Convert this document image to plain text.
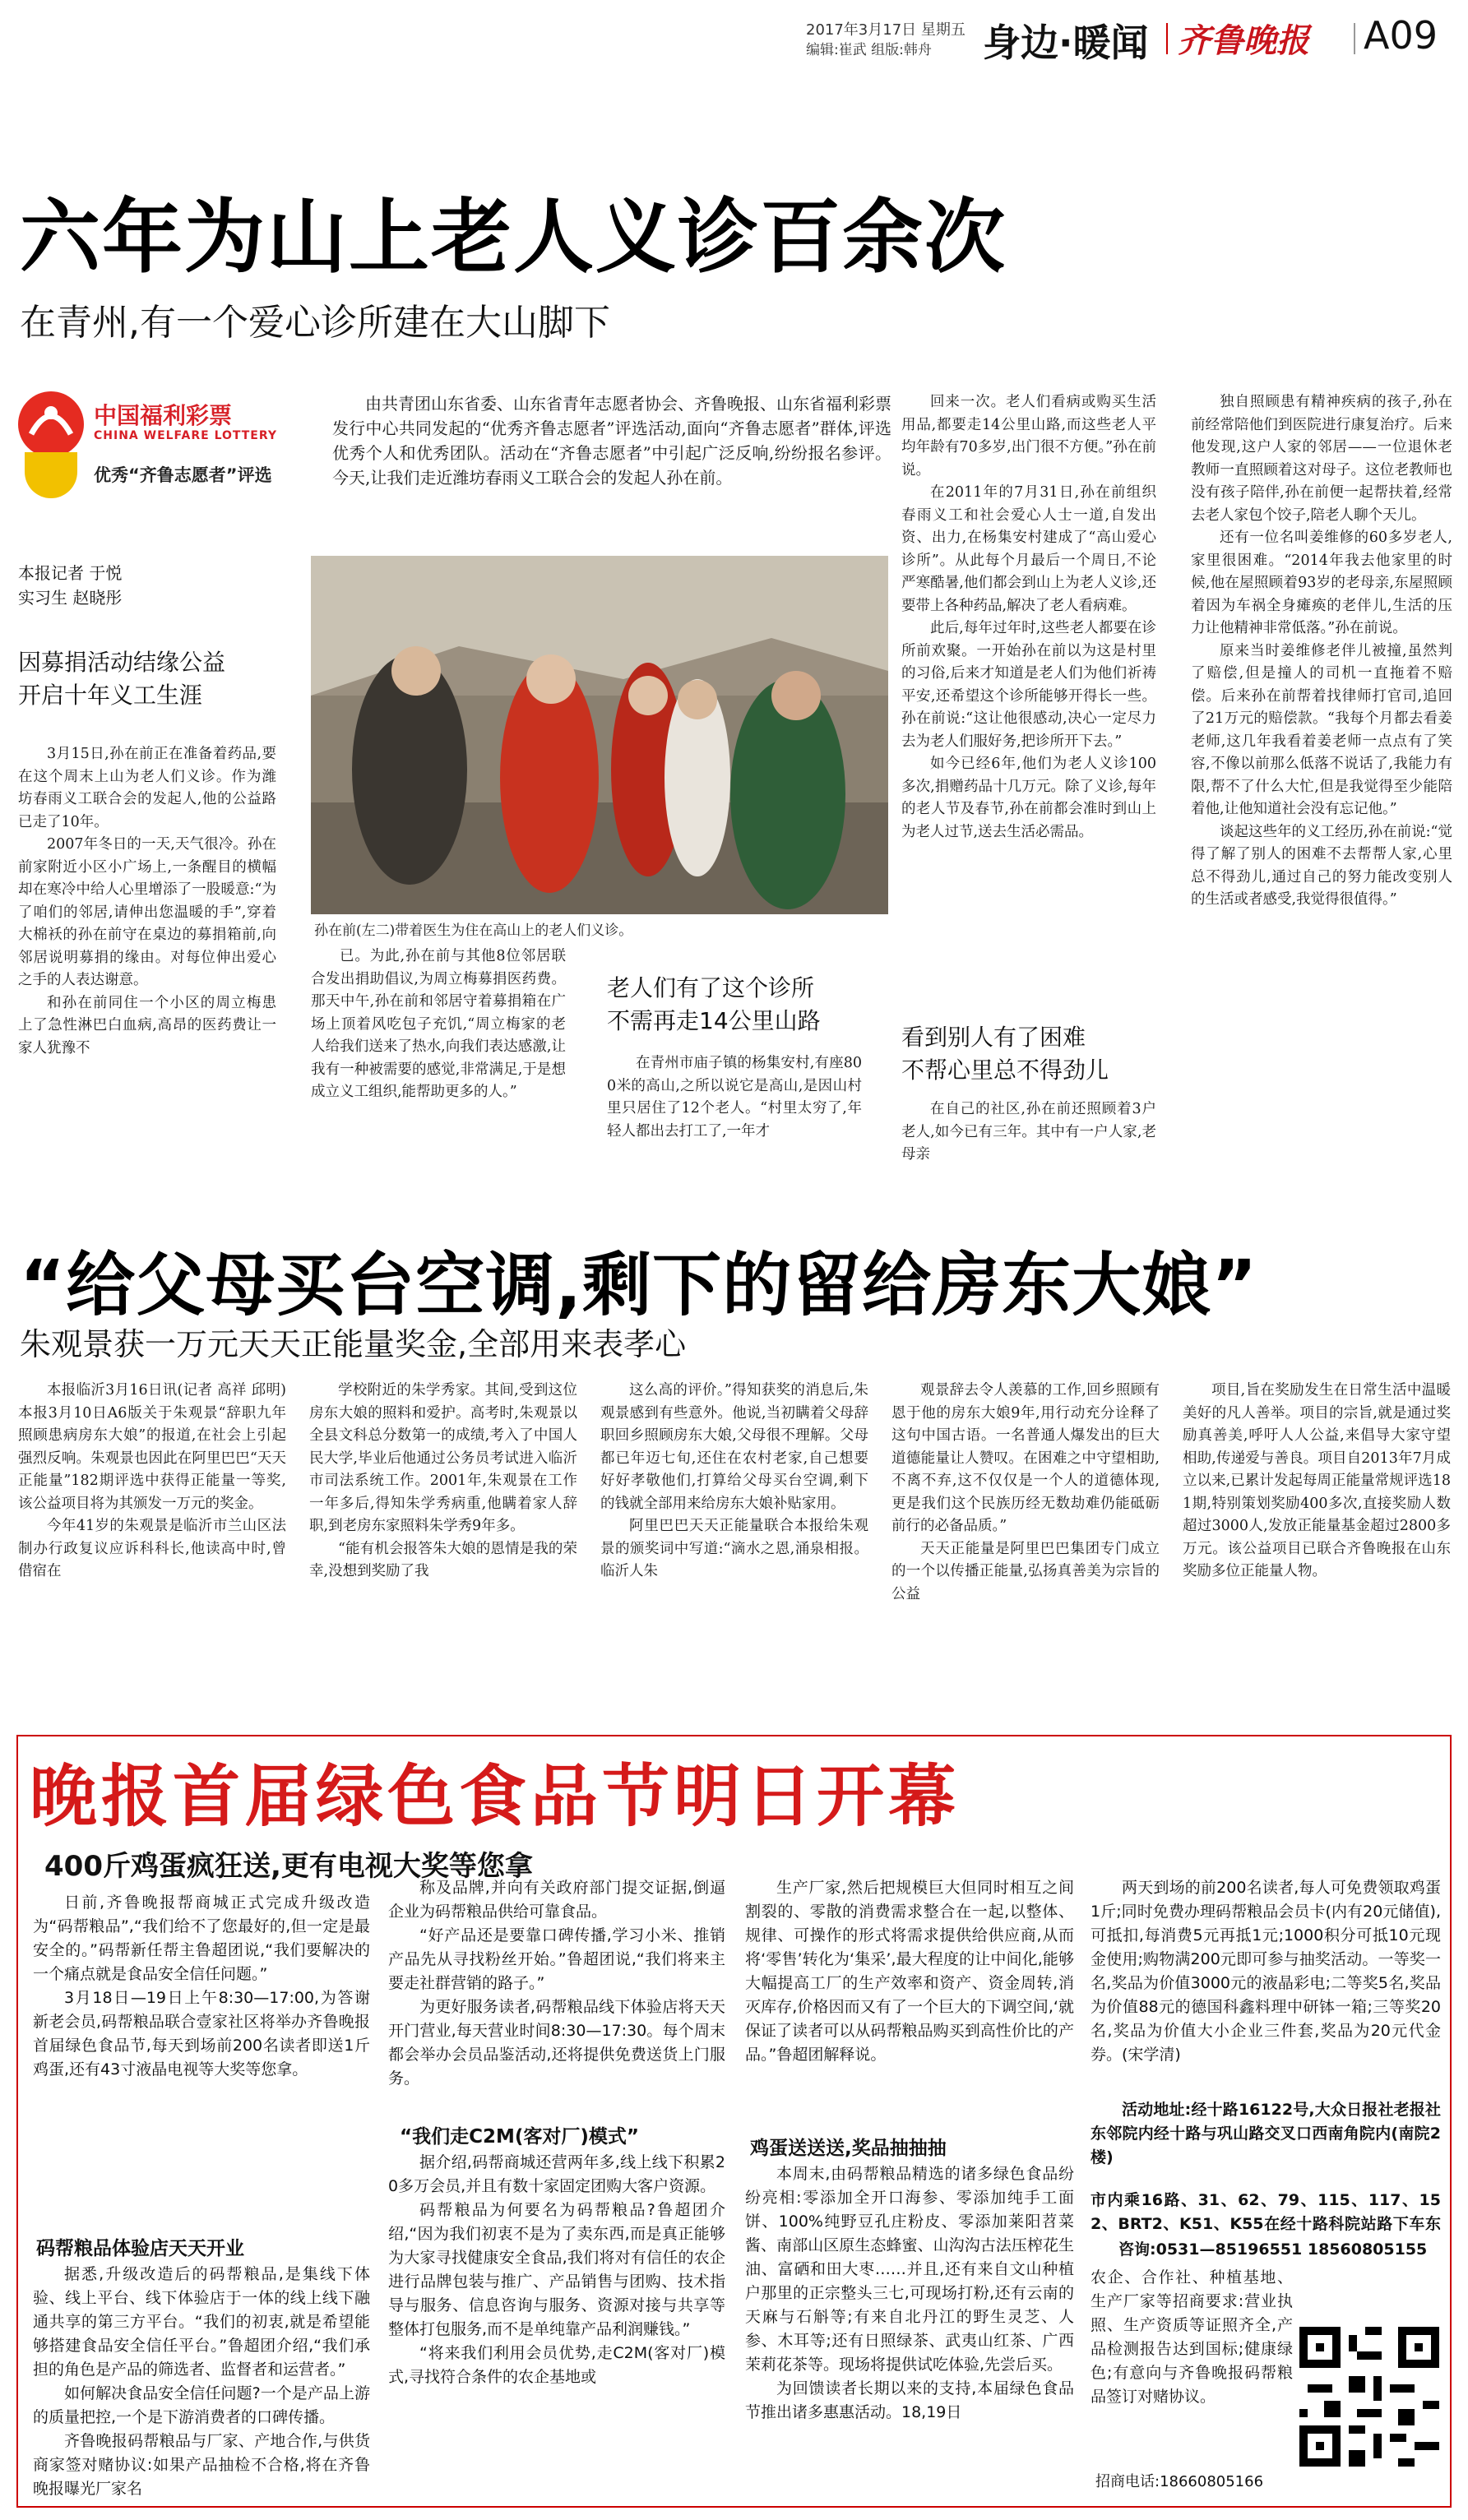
2017年3月17日 星期五
编辑:崔武 组版:韩舟 身边·暖闻 齐鲁晚报 A09
六年为山上老人义诊百余次
在青州,有一个爱心诊所建在大山脚下
中国福利彩票
CHINA WELFARE LOTTERY
优秀“齐鲁志愿者”评选

由共青团山东省委、山东省青年志愿者协会、齐鲁晚报、山东省福利彩票发行中心共同发起的“优秀齐鲁志愿者”评选活动,面向“齐鲁志愿者”群体,评选优秀个人和优秀团队。活动在“齐鲁志愿者”中引起广泛反响,纷纷报名参评。今天,让我们走近潍坊春雨义工联合会的发起人孙在前。

本报记者 于悦
实习生 赵晓彤
因募捐活动结缘公益
开启十年义工生涯

3月15日,孙在前正在准备着药品,要在这个周末上山为老人们义诊。作为潍坊春雨义工联合会的发起人,他的公益路已走了10年。

2007年冬日的一天,天气很冷。孙在前家附近小区小广场上,一条醒目的横幅却在寒冷中给人心里增添了一股暖意:“为了咱们的邻居,请伸出您温暖的手”,穿着大棉袄的孙在前守在桌边的募捐箱前,向邻居说明募捐的缘由。对每位伸出爱心之手的人表达谢意。

和孙在前同住一个小区的周立梅患上了急性淋巴白血病,高昂的医药费让一家人犹豫不

孙在前(左二)带着医生为住在高山上的老人们义诊。

已。为此,孙在前与其他8位邻居联合发出捐助倡议,为周立梅募捐医药费。那天中午,孙在前和邻居守着募捐箱在广场上顶着风吃包子充饥,“周立梅家的老人给我们送来了热水,向我们表达感激,让我有一种被需要的感觉,非常满足,于是想成立义工组织,能帮助更多的人。”

老人们有了这个诊所
不需再走14公里山路

在青州市庙子镇的杨集安村,有座800米的高山,之所以说它是高山,是因山村里只居住了12个老人。“村里太穷了,年轻人都出去打工了,一年才

回来一次。老人们看病或购买生活用品,都要走14公里山路,而这些老人平均年龄有70多岁,出门很不方便。”孙在前说。

在2011年的7月31日,孙在前组织春雨义工和社会爱心人士一道,自发出资、出力,在杨集安村建成了“高山爱心诊所”。从此每个月最后一个周日,不论严寒酷暑,他们都会到山上为老人义诊,还要带上各种药品,解决了老人看病难。

此后,每年过年时,这些老人都要在诊所前欢聚。一开始孙在前以为这是村里的习俗,后来才知道是老人们为他们祈祷平安,还希望这个诊所能够开得长一些。孙在前说:“这让他很感动,决心一定尽力去为老人们服好务,把诊所开下去。”

如今已经6年,他们为老人义诊100多次,捐赠药品十几万元。除了义诊,每年的老人节及春节,孙在前都会准时到山上为老人过节,送去生活必需品。

看到别人有了困难
不帮心里总不得劲儿

在自己的社区,孙在前还照顾着3户老人,如今已有三年。其中有一户人家,老母亲

独自照顾患有精神疾病的孩子,孙在前经常陪他们到医院进行康复治疗。后来他发现,这户人家的邻居——一位退休老教师一直照顾着这对母子。这位老教师也没有孩子陪伴,孙在前便一起帮扶着,经常去老人家包个饺子,陪老人聊个天儿。

还有一位名叫姜维修的60多岁老人,家里很困难。“2014年我去他家里的时候,他在屋照顾着93岁的老母亲,东屋照顾着因为车祸全身瘫痪的老伴儿,生活的压力让他精神非常低落。”孙在前说。

原来当时姜维修老伴儿被撞,虽然判了赔偿,但是撞人的司机一直拖着不赔偿。后来孙在前帮着找律师打官司,追回了21万元的赔偿款。“我每个月都去看姜老师,这几年我看着姜老师一点点有了笑容,不像以前那么低落不说话了,我能力有限,帮不了什么大忙,但是我觉得至少能陪着他,让他知道社会没有忘记他。”

谈起这些年的义工经历,孙在前说:“觉得了解了别人的困难不去帮帮人家,心里总不得劲儿,通过自己的努力能改变别人的生活或者感受,我觉得很值得。”

“给父母买台空调,剩下的留给房东大娘”
朱观景获一万元天天正能量奖金,全部用来表孝心

本报临沂3月16日讯(记者 高祥 邱明) 本报3月10日A6版关于朱观景“辞职九年照顾患病房东大娘”的报道,在社会上引起强烈反响。朱观景也因此在阿里巴巴“天天正能量”182期评选中获得正能量一等奖,该公益项目将为其颁发一万元的奖金。

今年41岁的朱观景是临沂市兰山区法制办行政复议应诉科科长,他读高中时,曾借宿在

学校附近的朱学秀家。其间,受到这位房东大娘的照料和爱护。高考时,朱观景以全县文科总分数第一的成绩,考入了中国人民大学,毕业后他通过公务员考试进入临沂市司法系统工作。2001年,朱观景在工作一年多后,得知朱学秀病重,他瞒着家人辞职,到老房东家照料朱学秀9年多。

“能有机会报答朱大娘的恩情是我的荣幸,没想到奖励了我

这么高的评价。”得知获奖的消息后,朱观景感到有些意外。他说,当初瞒着父母辞职回乡照顾房东大娘,父母很不理解。父母都已年迈七旬,还住在农村老家,自己想要好好孝敬他们,打算给父母买台空调,剩下的钱就全部用来给房东大娘补贴家用。

阿里巴巴天天正能量联合本报给朱观景的颁奖词中写道:“滴水之恩,涌泉相报。临沂人朱

观景辞去令人羡慕的工作,回乡照顾有恩于他的房东大娘9年,用行动充分诠释了这句中国古语。一名普通人爆发出的巨大道德能量让人赞叹。在困难之中守望相助,不离不弃,这不仅仅是一个人的道德体现,更是我们这个民族历经无数劫难仍能砥砺前行的必备品质。”

天天正能量是阿里巴巴集团专门成立的一个以传播正能量,弘扬真善美为宗旨的公益

项目,旨在奖励发生在日常生活中温暖美好的凡人善举。项目的宗旨,就是通过奖励真善美,呼吁人人公益,来倡导大家守望相助,传递爱与善良。项目自2013年7月成立以来,已累计发起每周正能量常规评选181期,特别策划奖励400多次,直接奖励人数超过3000人,发放正能量基金超过2800多万元。该公益项目已联合齐鲁晚报在山东奖励多位正能量人物。

晚报首届绿色食品节明日开幕
400斤鸡蛋疯狂送,更有电视大奖等您拿

日前,齐鲁晚报帮商城正式完成升级改造为“码帮粮品”,“我们给不了您最好的,但一定是最安全的。”码帮新任帮主鲁超团说,“我们要解决的一个痛点就是食品安全信任问题。”

3月18日—19日上午8:30—17:00,为答谢新老会员,码帮粮品联合壹家社区将举办齐鲁晚报首届绿色食品节,每天到场前200名读者即送1斤鸡蛋,还有43寸液晶电视等大奖等您拿。

码帮粮品体验店天天开业

据悉,升级改造后的码帮粮品,是集线下体验、线上平台、线下体验店于一体的线上线下融通共享的第三方平台。“我们的初衷,就是希望能够搭建食品安全信任平台。”鲁超团介绍,“我们承担的角色是产品的筛选者、监督者和运营者。”

如何解决食品安全信任问题?一个是产品上游的质量把控,一个是下游消费者的口碑传播。

齐鲁晚报码帮粮品与厂家、产地合作,与供货商家签对赌协议:如果产品抽检不合格,将在齐鲁晚报曝光厂家名

称及品牌,并向有关政府部门提交证据,倒逼企业为码帮粮品供给可靠食品。

“好产品还是要靠口碑传播,学习小米、推销产品先从寻找粉丝开始。”鲁超团说,“我们将来主要走社群营销的路子。”

为更好服务读者,码帮粮品线下体验店将天天开门营业,每天营业时间8:30—17:30。每个周末都会举办会员品鉴活动,还将提供免费送货上门服务。

“我们走C2M(客对厂)模式”

据介绍,码帮商城还营两年多,线上线下积累20多万会员,并且有数十家固定团购大客户资源。

码帮粮品为何要名为码帮粮品?鲁超团介绍,“因为我们初衷不是为了卖东西,而是真正能够为大家寻找健康安全食品,我们将对有信任的农企进行品牌包装与推广、产品销售与团购、技术指导与服务、信息咨询与服务、资源对接与共享等整体打包服务,而不是单纯靠产品利润赚钱。”

“将来我们利用会员优势,走C2M(客对厂)模式,寻找符合条件的农企基地或

生产厂家,然后把规模巨大但同时相互之间割裂的、零散的消费需求整合在一起,以整体、规律、可操作的形式将需求提供给供应商,从而将‘零售’转化为‘集采’,最大程度的让中间化,能够大幅提高工厂的生产效率和资产、资金周转,消灭库存,价格因而又有了一个巨大的下调空间,‘就保证了读者可以从码帮粮品购买到高性价比的产品。”鲁超团解释说。

鸡蛋送送送,奖品抽抽抽

本周末,由码帮粮品精选的诸多绿色食品纷纷亮相:零添加全开口海参、零添加纯手工面饼、100%纯野豆孔庄粉皮、零添加莱阳苕菜酱、南部山区原生态蜂蜜、山沟沟古法压榨花生油、富硒和田大枣……并且,还有来自文山种植户那里的正宗整头三七,可现场打粉,还有云南的天麻与石斛等;有来自北丹江的野生灵芝、人参、木耳等;还有日照绿茶、武夷山红茶、广西茉莉花茶等。现场将提供试吃体验,先尝后买。

为回馈读者长期以来的支持,本届绿色食品节推出诸多惠惠活动。18,19日

两天到场的前200名读者,每人可免费领取鸡蛋1斤;同时免费办理码帮粮品会员卡(内有20元储值),可抵扣,每消费5元再抵1元;1000积分可抵10元现金使用;购物满200元即可参与抽奖活动。一等奖一名,奖品为价值3000元的液晶彩电;二等奖5名,奖品为价值88元的德国科鑫料理中研钵一箱;三等奖20名,奖品为价值大小企业三件套,奖品为20元代金券。(宋学清)

活动地址:经十路16122号,大众日报社老报社东邻院内经十路与巩山路交叉口西南角院内(南院2楼)

市内乘16路、31、62、79、115、117、152、BRT2、K51、K55在经十路科院站路下车东

咨询:0531—85196551 18560805155

农企、合作社、种植基地、生产厂家等招商要求:营业执照、生产资质等证照齐全,产品检测报告达到国标;健康绿色;有意向与齐鲁晚报码帮粮品签订对赌协议。

招商电话:18660805166
